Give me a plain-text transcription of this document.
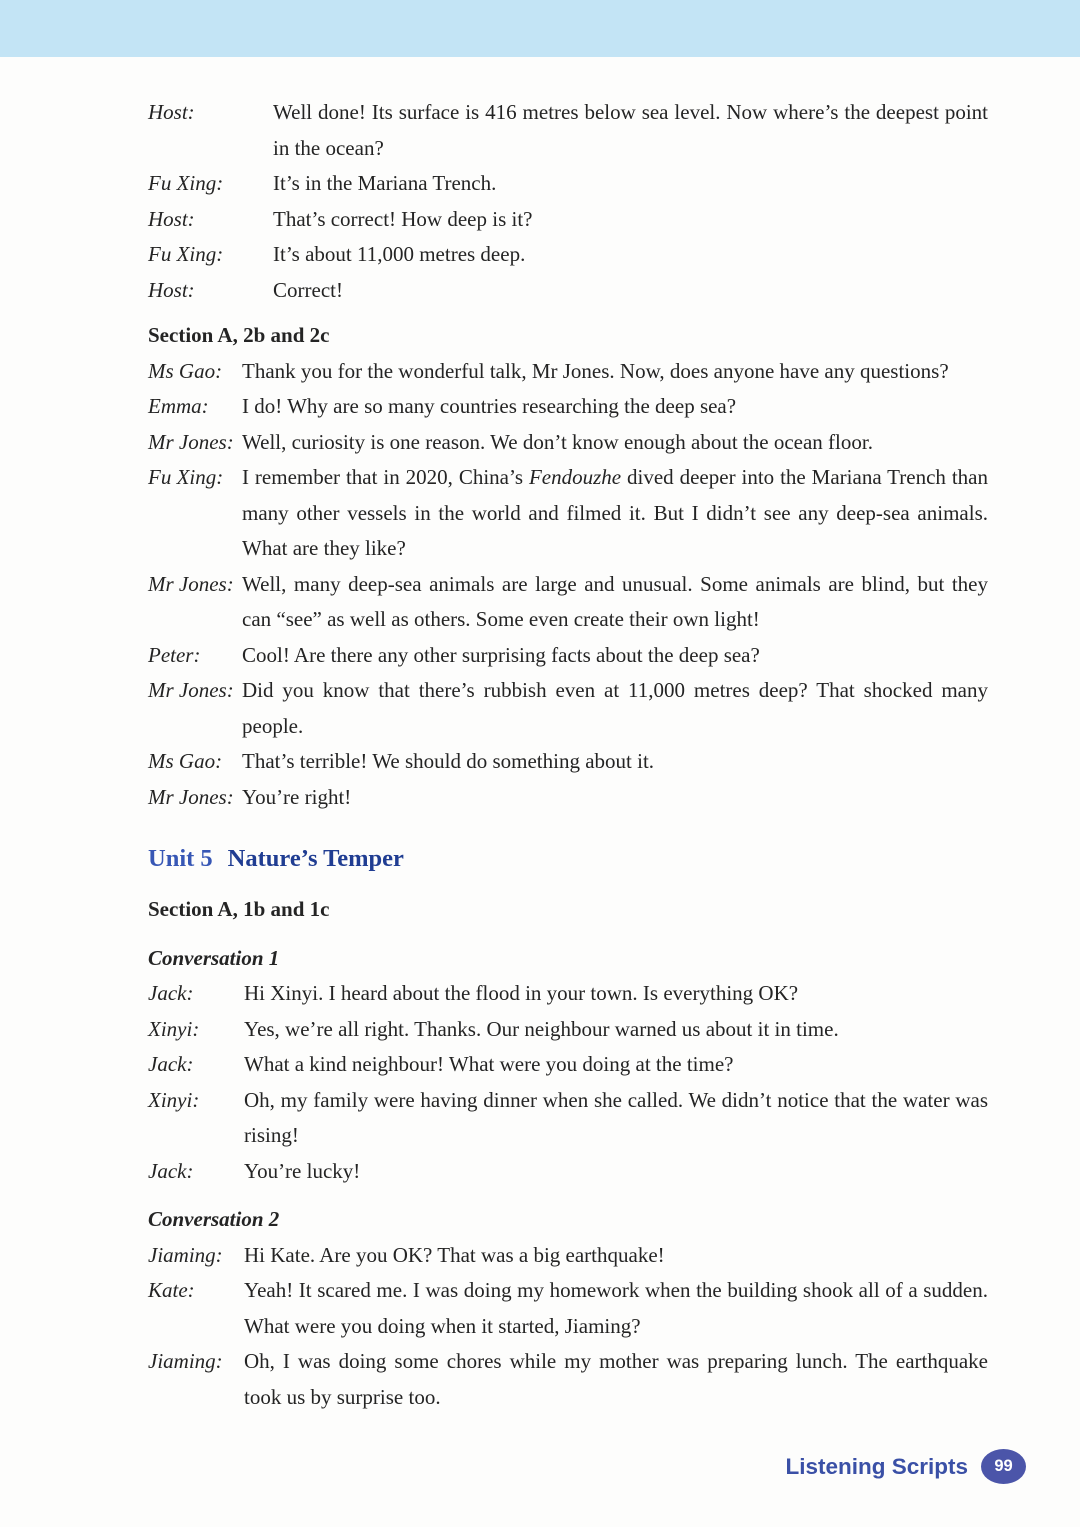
Host:	Well done! Its surface is 416 metres below sea level. Now where’s the deepest point in the ocean?
Fu Xing:	It’s in the Mariana Trench.
Host:	That’s correct! How deep is it?
Fu Xing:	It’s about 11,000 metres deep.
Host:	Correct!
Section A, 2b and 2c
Ms Gao: Thank you for the wonderful talk, Mr Jones. Now, does anyone have any questions?
Emma:	I do! Why are so many countries researching the deep sea?
Mr Jones: Well, curiosity is one reason. We don’t know enough about the ocean floor.
Fu Xing: I remember that in 2020, China’s Fendouzhe dived deeper into the Mariana Trench than many other vessels in the world and filmed it. But I didn’t see any deep-sea animals. What are they like?
Mr Jones: Well, many deep-sea animals are large and unusual. Some animals are blind, but they can “see” as well as others. Some even create their own light!
Peter:	Cool! Are there any other surprising facts about the deep sea?
Mr Jones: Did you know that there’s rubbish even at 11,000 metres deep? That shocked many people.
Ms Gao: That’s terrible! We should do something about it.
Mr Jones: You’re right!
Unit 5 Nature’s Temper
Section A, 1b and 1c
Conversation 1
Jack:	Hi Xinyi. I heard about the flood in your town. Is everything OK?
Xinyi:	Yes, we’re all right. Thanks. Our neighbour warned us about it in time.
Jack:	What a kind neighbour! What were you doing at the time?
Xinyi:	Oh, my family were having dinner when she called. We didn’t notice that the water was rising!
Jack:	You’re lucky!
Conversation 2
Jiaming:	Hi Kate. Are you OK? That was a big earthquake!
Kate:	Yeah! It scared me. I was doing my homework when the building shook all of a sudden. What were you doing when it started, Jiaming?
Jiaming:	Oh, I was doing some chores while my mother was preparing lunch. The earthquake took us by surprise too.
Listening Scripts	99
